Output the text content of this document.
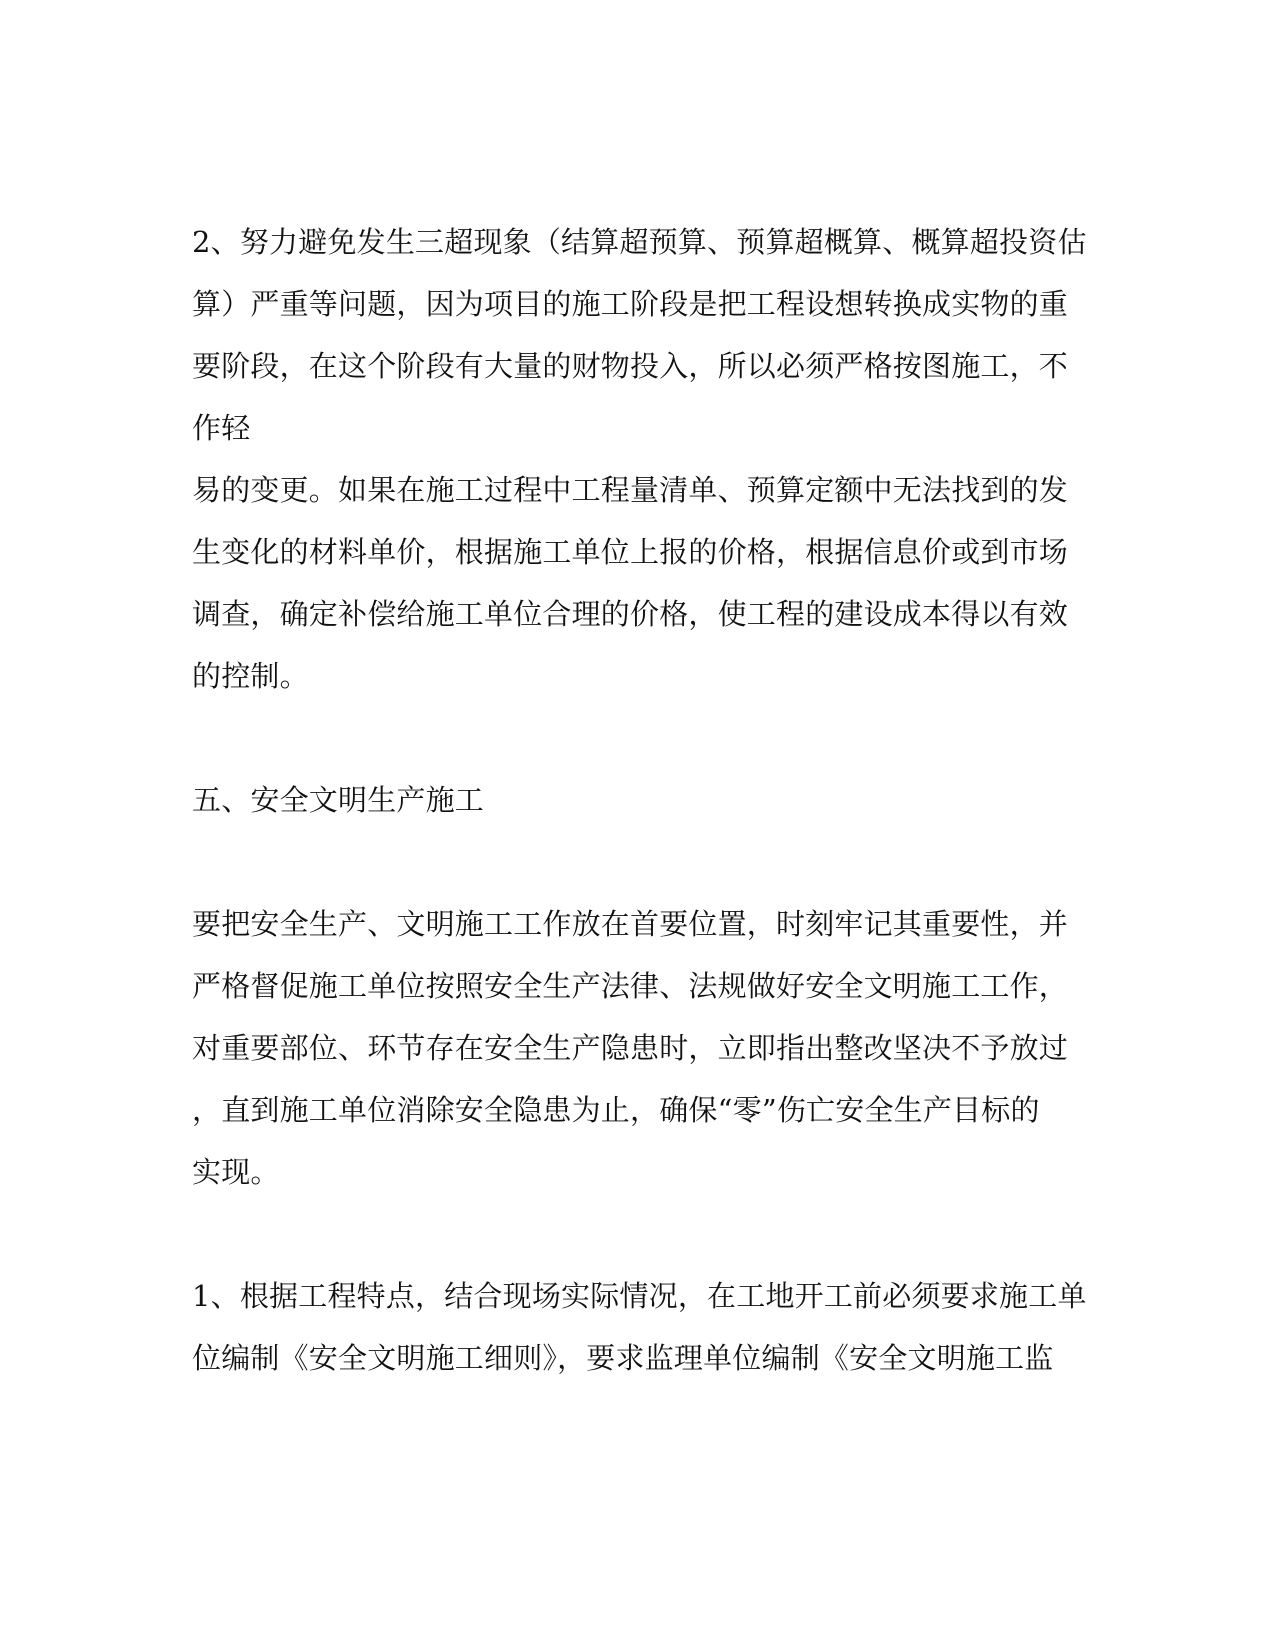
2、努力避免发生三超现象（结算超预算、预算超概算、概算超投资估
算）严重等问题，因为项目的施工阶段是把工程设想转换成实物的重
要阶段，在这个阶段有大量的财物投入，所以必须严格按图施工，不
作轻
易的变更。如果在施工过程中工程量清单、预算定额中无法找到的发
生变化的材料单价，根据施工单位上报的价格，根据信息价或到市场
调查，确定补偿给施工单位合理的价格，使工程的建设成本得以有效
的控制。
五、安全文明生产施工
要把安全生产、文明施工工作放在首要位置，时刻牢记其重要性，并
严格督促施工单位按照安全生产法律、法规做好安全文明施工工作，
对重要部位、环节存在安全生产隐患时，立即指出整改坚决不予放过
，直到施工单位消除安全隐患为止，确保“零”伤亡安全生产目标的
实现。
1、根据工程特点，结合现场实际情况，在工地开工前必须要求施工单
位编制《安全文明施工细则》，要求监理单位编制《安全文明施工监
